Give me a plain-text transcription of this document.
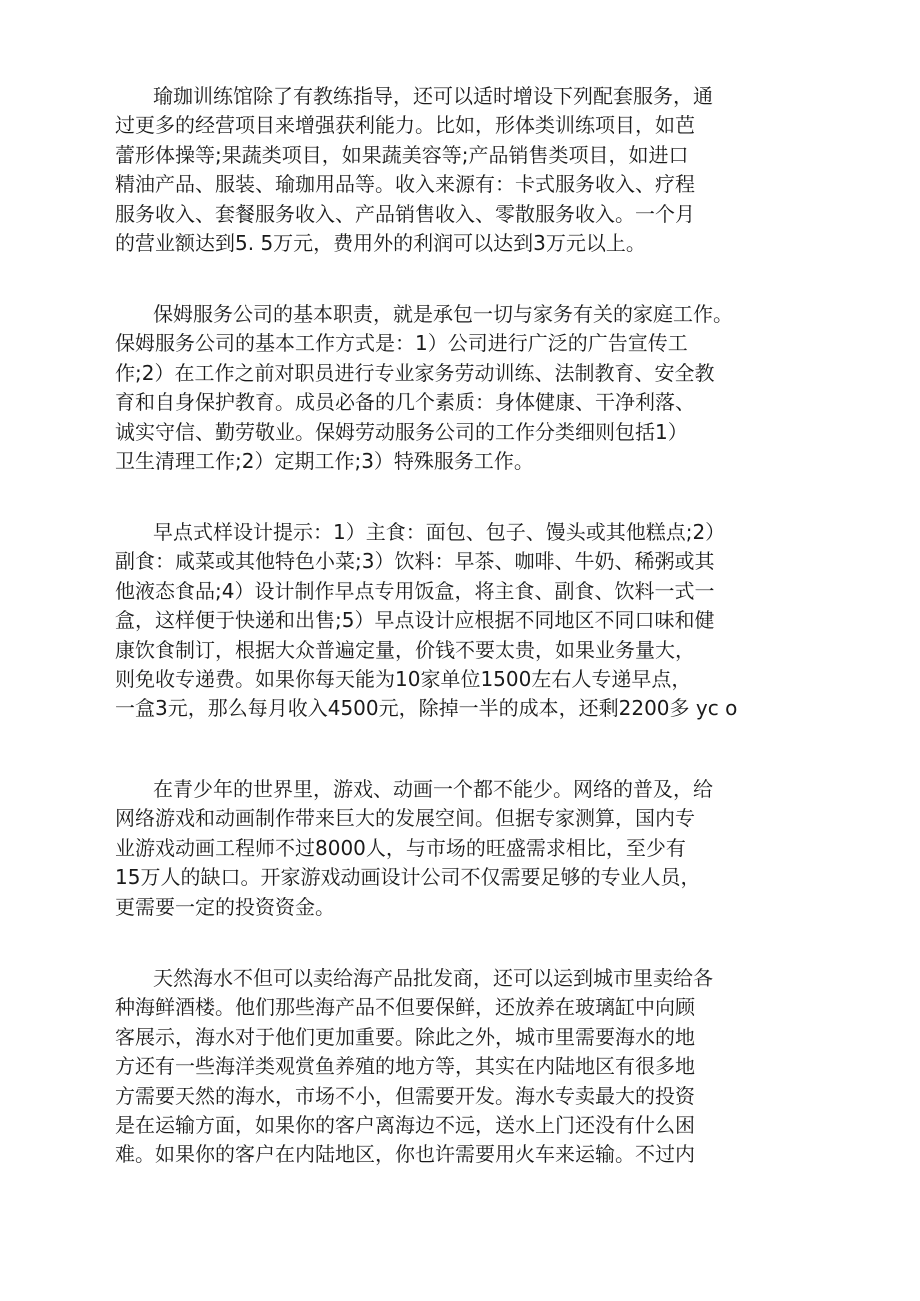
瑜珈训练馆除了有教练指导，还可以适时增设下列配套服务，通
过更多的经营项目来增强获利能力。比如，形体类训练项目，如芭
蕾形体操等;果蔬类项目，如果蔬美容等;产品销售类项目，如进口
精油产品、服装、瑜珈用品等。收入来源有：卡式服务收入、疗程
服务收入、套餐服务收入、产品销售收入、零散服务收入。一个月
的营业额达到5. 5万元，费用外的利润可以达到3万元以上。
保姆服务公司的基本职责，就是承包一切与家务有关的家庭工作。
保姆服务公司的基本工作方式是：1）公司进行广泛的广告宣传工
作;2）在工作之前对职员进行专业家务劳动训练、法制教育、安全教
育和自身保护教育。成员必备的几个素质：身体健康、干净利落、
诚实守信、勤劳敬业。保姆劳动服务公司的工作分类细则包括1）
卫生清理工作;2）定期工作;3）特殊服务工作。
早点式样设计提示：1）主食：面包、包子、馒头或其他糕点;2）
副食：咸菜或其他特色小菜;3）饮料：早茶、咖啡、牛奶、稀粥或其
他液态食品;4）设计制作早点专用饭盒，将主食、副食、饮料一式一
盒，这样便于快递和出售;5）早点设计应根据不同地区不同口味和健
康饮食制订，根据大众普遍定量，价钱不要太贵，如果业务量大，
则免收专递费。如果你每天能为10家单位1500左右人专递早点，
一盒3元，那么每月收入4500元，除掉一半的成本，还剩2200多 yc o
在青少年的世界里，游戏、动画一个都不能少。网络的普及，给
网络游戏和动画制作带来巨大的发展空间。但据专家测算，国内专
业游戏动画工程师不过8000人，与市场的旺盛需求相比，至少有
15万人的缺口。开家游戏动画设计公司不仅需要足够的专业人员，
更需要一定的投资资金。
天然海水不但可以卖给海产品批发商，还可以运到城市里卖给各
种海鲜酒楼。他们那些海产品不但要保鲜，还放养在玻璃缸中向顾
客展示，海水对于他们更加重要。除此之外，城市里需要海水的地
方还有一些海洋类观赏鱼养殖的地方等，其实在内陆地区有很多地
方需要天然的海水，市场不小，但需要开发。海水专卖最大的投资
是在运输方面，如果你的客户离海边不远，送水上门还没有什么困
难。如果你的客户在内陆地区，你也许需要用火车来运输。不过内
